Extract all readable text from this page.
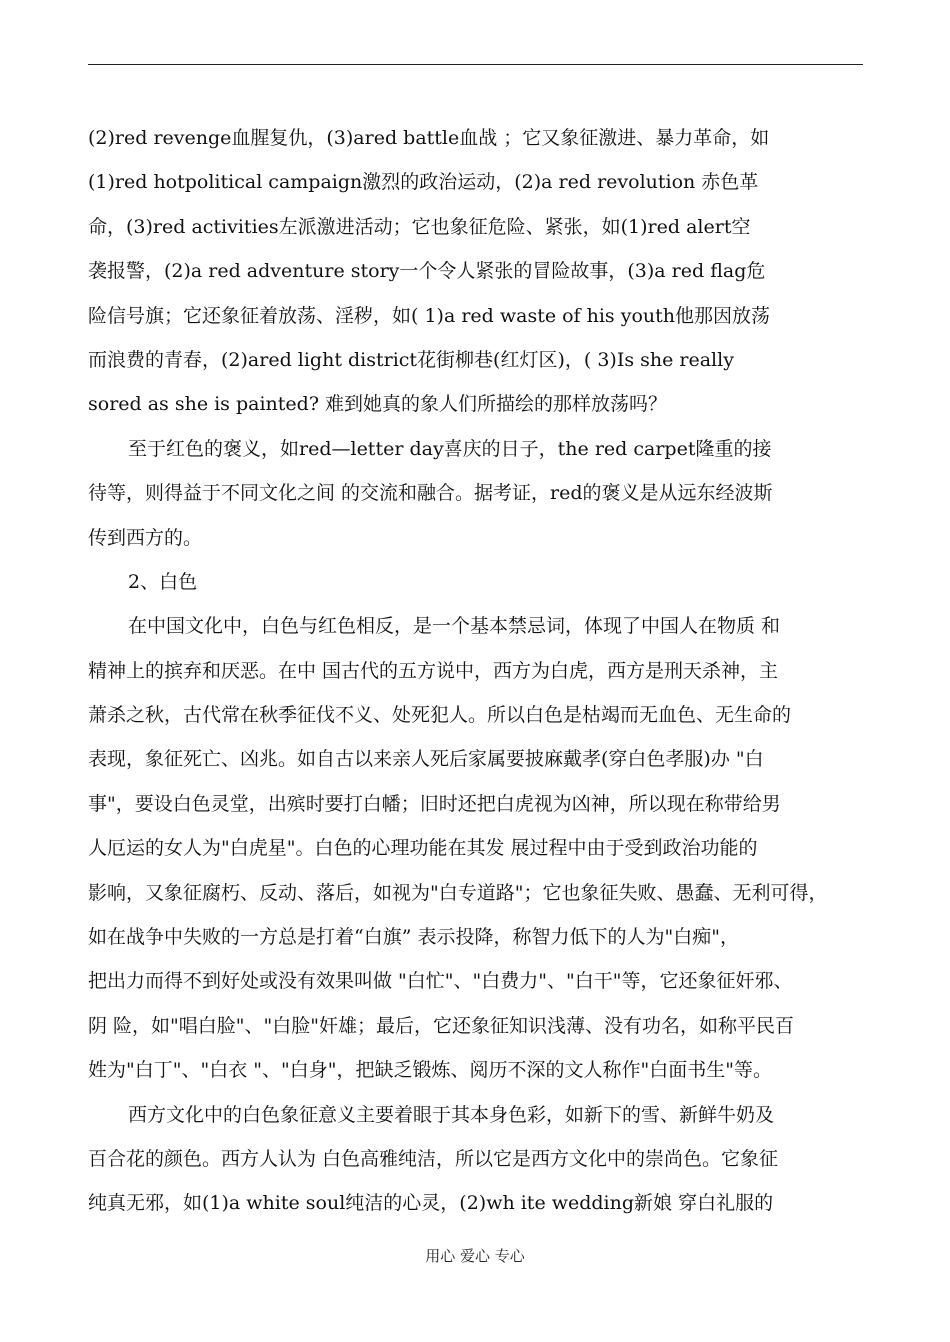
(2)red revenge血腥复仇，(3)ared battle血战 ；它又象征激进、暴力革命，如
(1)red hotpolitical campaign激烈的政治运动，(2)a red revolution 赤色革
命，(3)red activities左派激进活动；它也象征危险、紧张，如(1)red alert空
袭报警，(2)a red adventure story一个令人紧张的冒险故事，(3)a red flag危
险信号旗；它还象征着放荡、淫秽，如( 1)a red waste of his youth他那因放荡
而浪费的青春，(2)ared light district花街柳巷(红灯区)，( 3)Is she really
sored as she is painted? 难到她真的象人们所描绘的那样放荡吗？
至于红色的褒义，如red—letter day喜庆的日子，the red carpet隆重的接
待等，则得益于不同文化之间 的交流和融合。据考证，red的褒义是从远东经波斯
传到西方的。
2、白色
在中国文化中，白色与红色相反，是一个基本禁忌词，体现了中国人在物质 和
精神上的摈弃和厌恶。在中 国古代的五方说中，西方为白虎，西方是刑天杀神，主
萧杀之秋，古代常在秋季征伐不义、处死犯人。所以白色是枯竭而无血色、无生命的
表现，象征死亡、凶兆。如自古以来亲人死后家属要披麻戴孝(穿白色孝服)办 "白
事"，要设白色灵堂，出殡时要打白幡；旧时还把白虎视为凶神，所以现在称带给男
人厄运的女人为"白虎星"。白色的心理功能在其发 展过程中由于受到政治功能的
影响，又象征腐朽、反动、落后，如视为"白专道路"；它也象征失败、愚蠢、无利可得，
如在战争中失败的一方总是打着“白旗” 表示投降，称智力低下的人为"白痴"，
把出力而得不到好处或没有效果叫做 "白忙"、"白费力"、"白干"等，它还象征奸邪、
阴 险，如"唱白脸"、"白脸"奸雄；最后，它还象征知识浅薄、没有功名，如称平民百
姓为"白丁"、"白衣 "、"白身"，把缺乏锻炼、阅历不深的文人称作"白面书生"等。
西方文化中的白色象征意义主要着眼于其本身色彩，如新下的雪、新鲜牛奶及
百合花的颜色。西方人认为 白色高雅纯洁，所以它是西方文化中的崇尚色。它象征
纯真无邪，如(1)a white soul纯洁的心灵，(2)wh ite wedding新娘 穿白礼服的
用心 爱心 专心
